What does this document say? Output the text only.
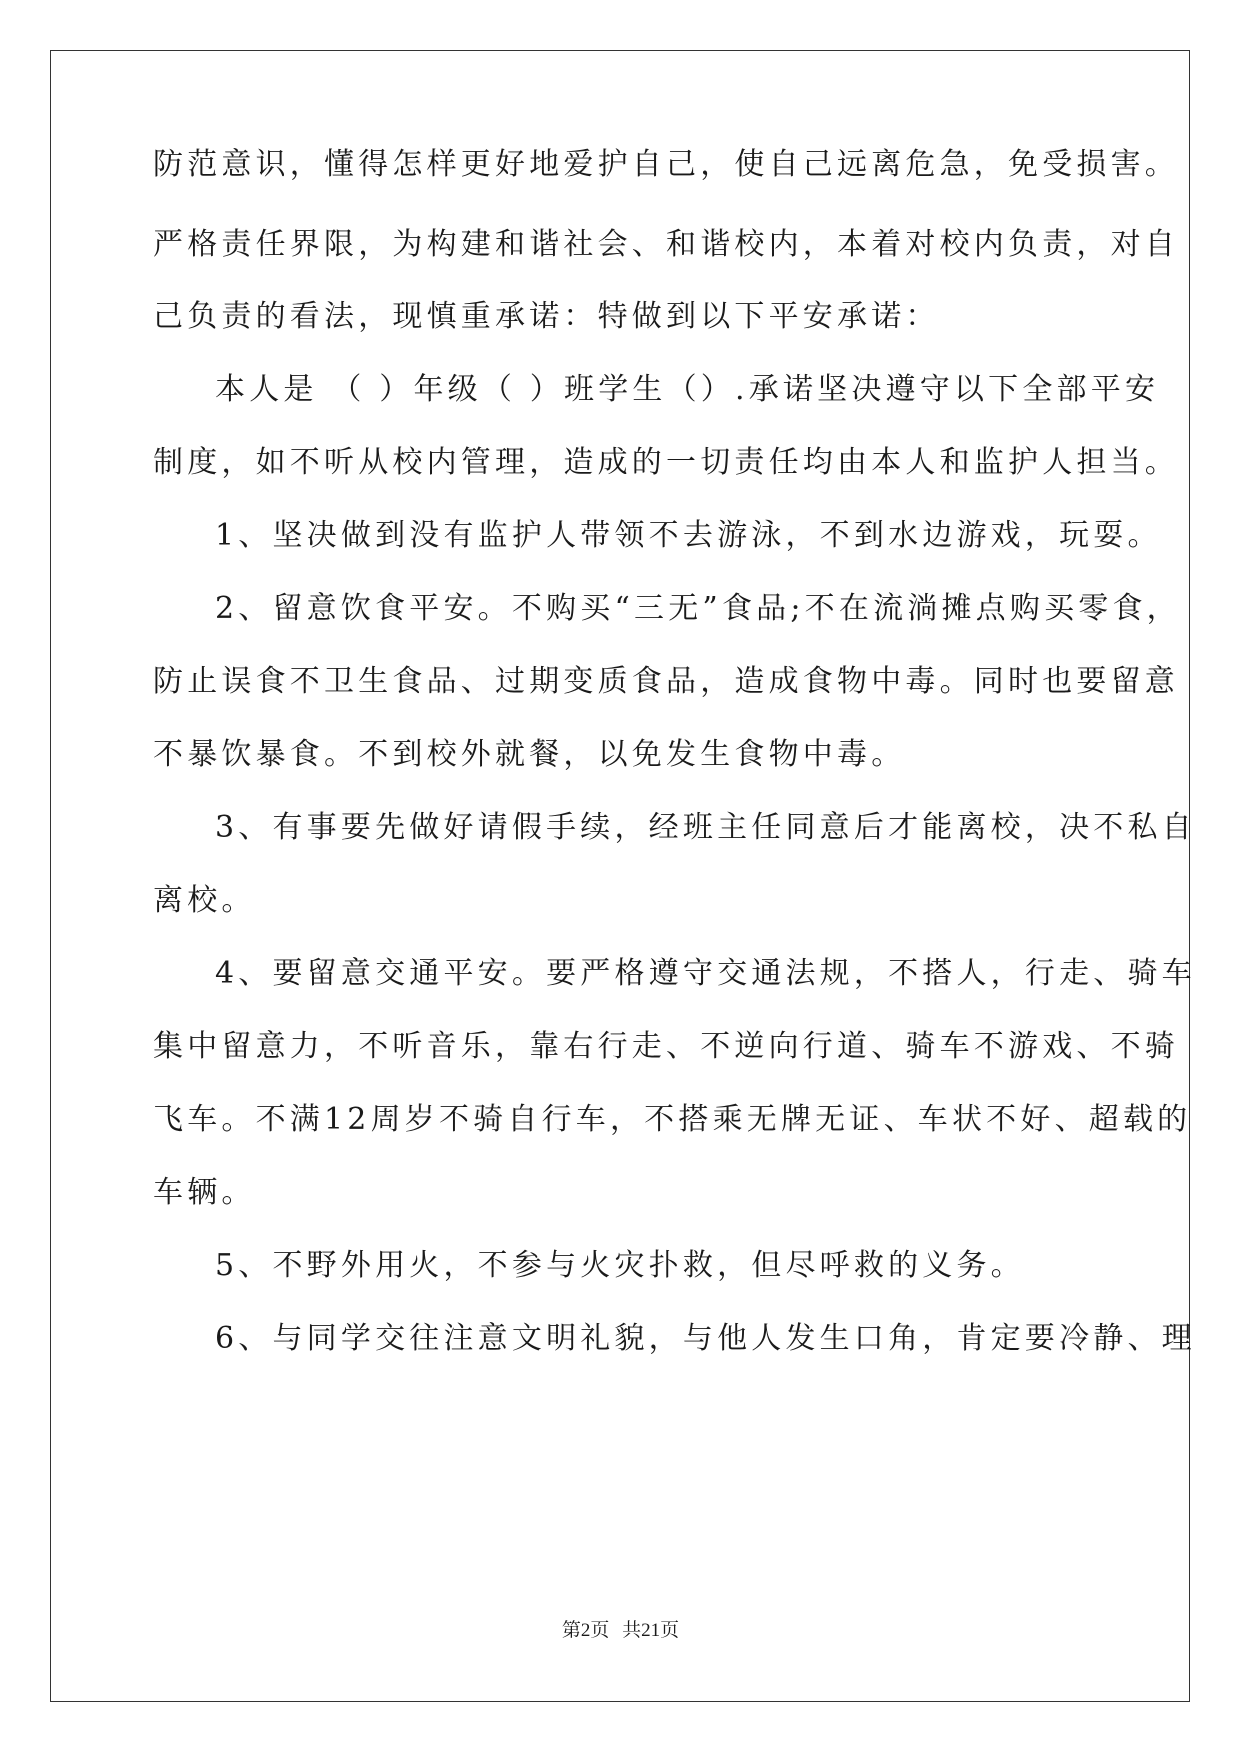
防范意识，懂得怎样更好地爱护自己，使自己远离危急，免受损害。
严格责任界限，为构建和谐社会、和谐校内，本着对校内负责，对自
己负责的看法，现慎重承诺：特做到以下平安承诺：
本人是 （ ）年级（ ）班学生（）.承诺坚决遵守以下全部平安
制度，如不听从校内管理，造成的一切责任均由本人和监护人担当。
1、坚决做到没有监护人带领不去游泳，不到水边游戏，玩耍。
2、留意饮食平安。不购买“三无”食品;不在流淌摊点购买零食，
防止误食不卫生食品、过期变质食品，造成食物中毒。同时也要留意
不暴饮暴食。不到校外就餐，以免发生食物中毒。
3、有事要先做好请假手续，经班主任同意后才能离校，决不私自
离校。
4、要留意交通平安。要严格遵守交通法规，不搭人，行走、骑车
集中留意力，不听音乐，靠右行走、不逆向行道、骑车不游戏、不骑
飞车。不满12周岁不骑自行车，不搭乘无牌无证、车状不好、超载的
车辆。
5、不野外用火，不参与火灾扑救，但尽呼救的义务。
6、与同学交往注意文明礼貌，与他人发生口角，肯定要冷静、理
第2页 共21页
